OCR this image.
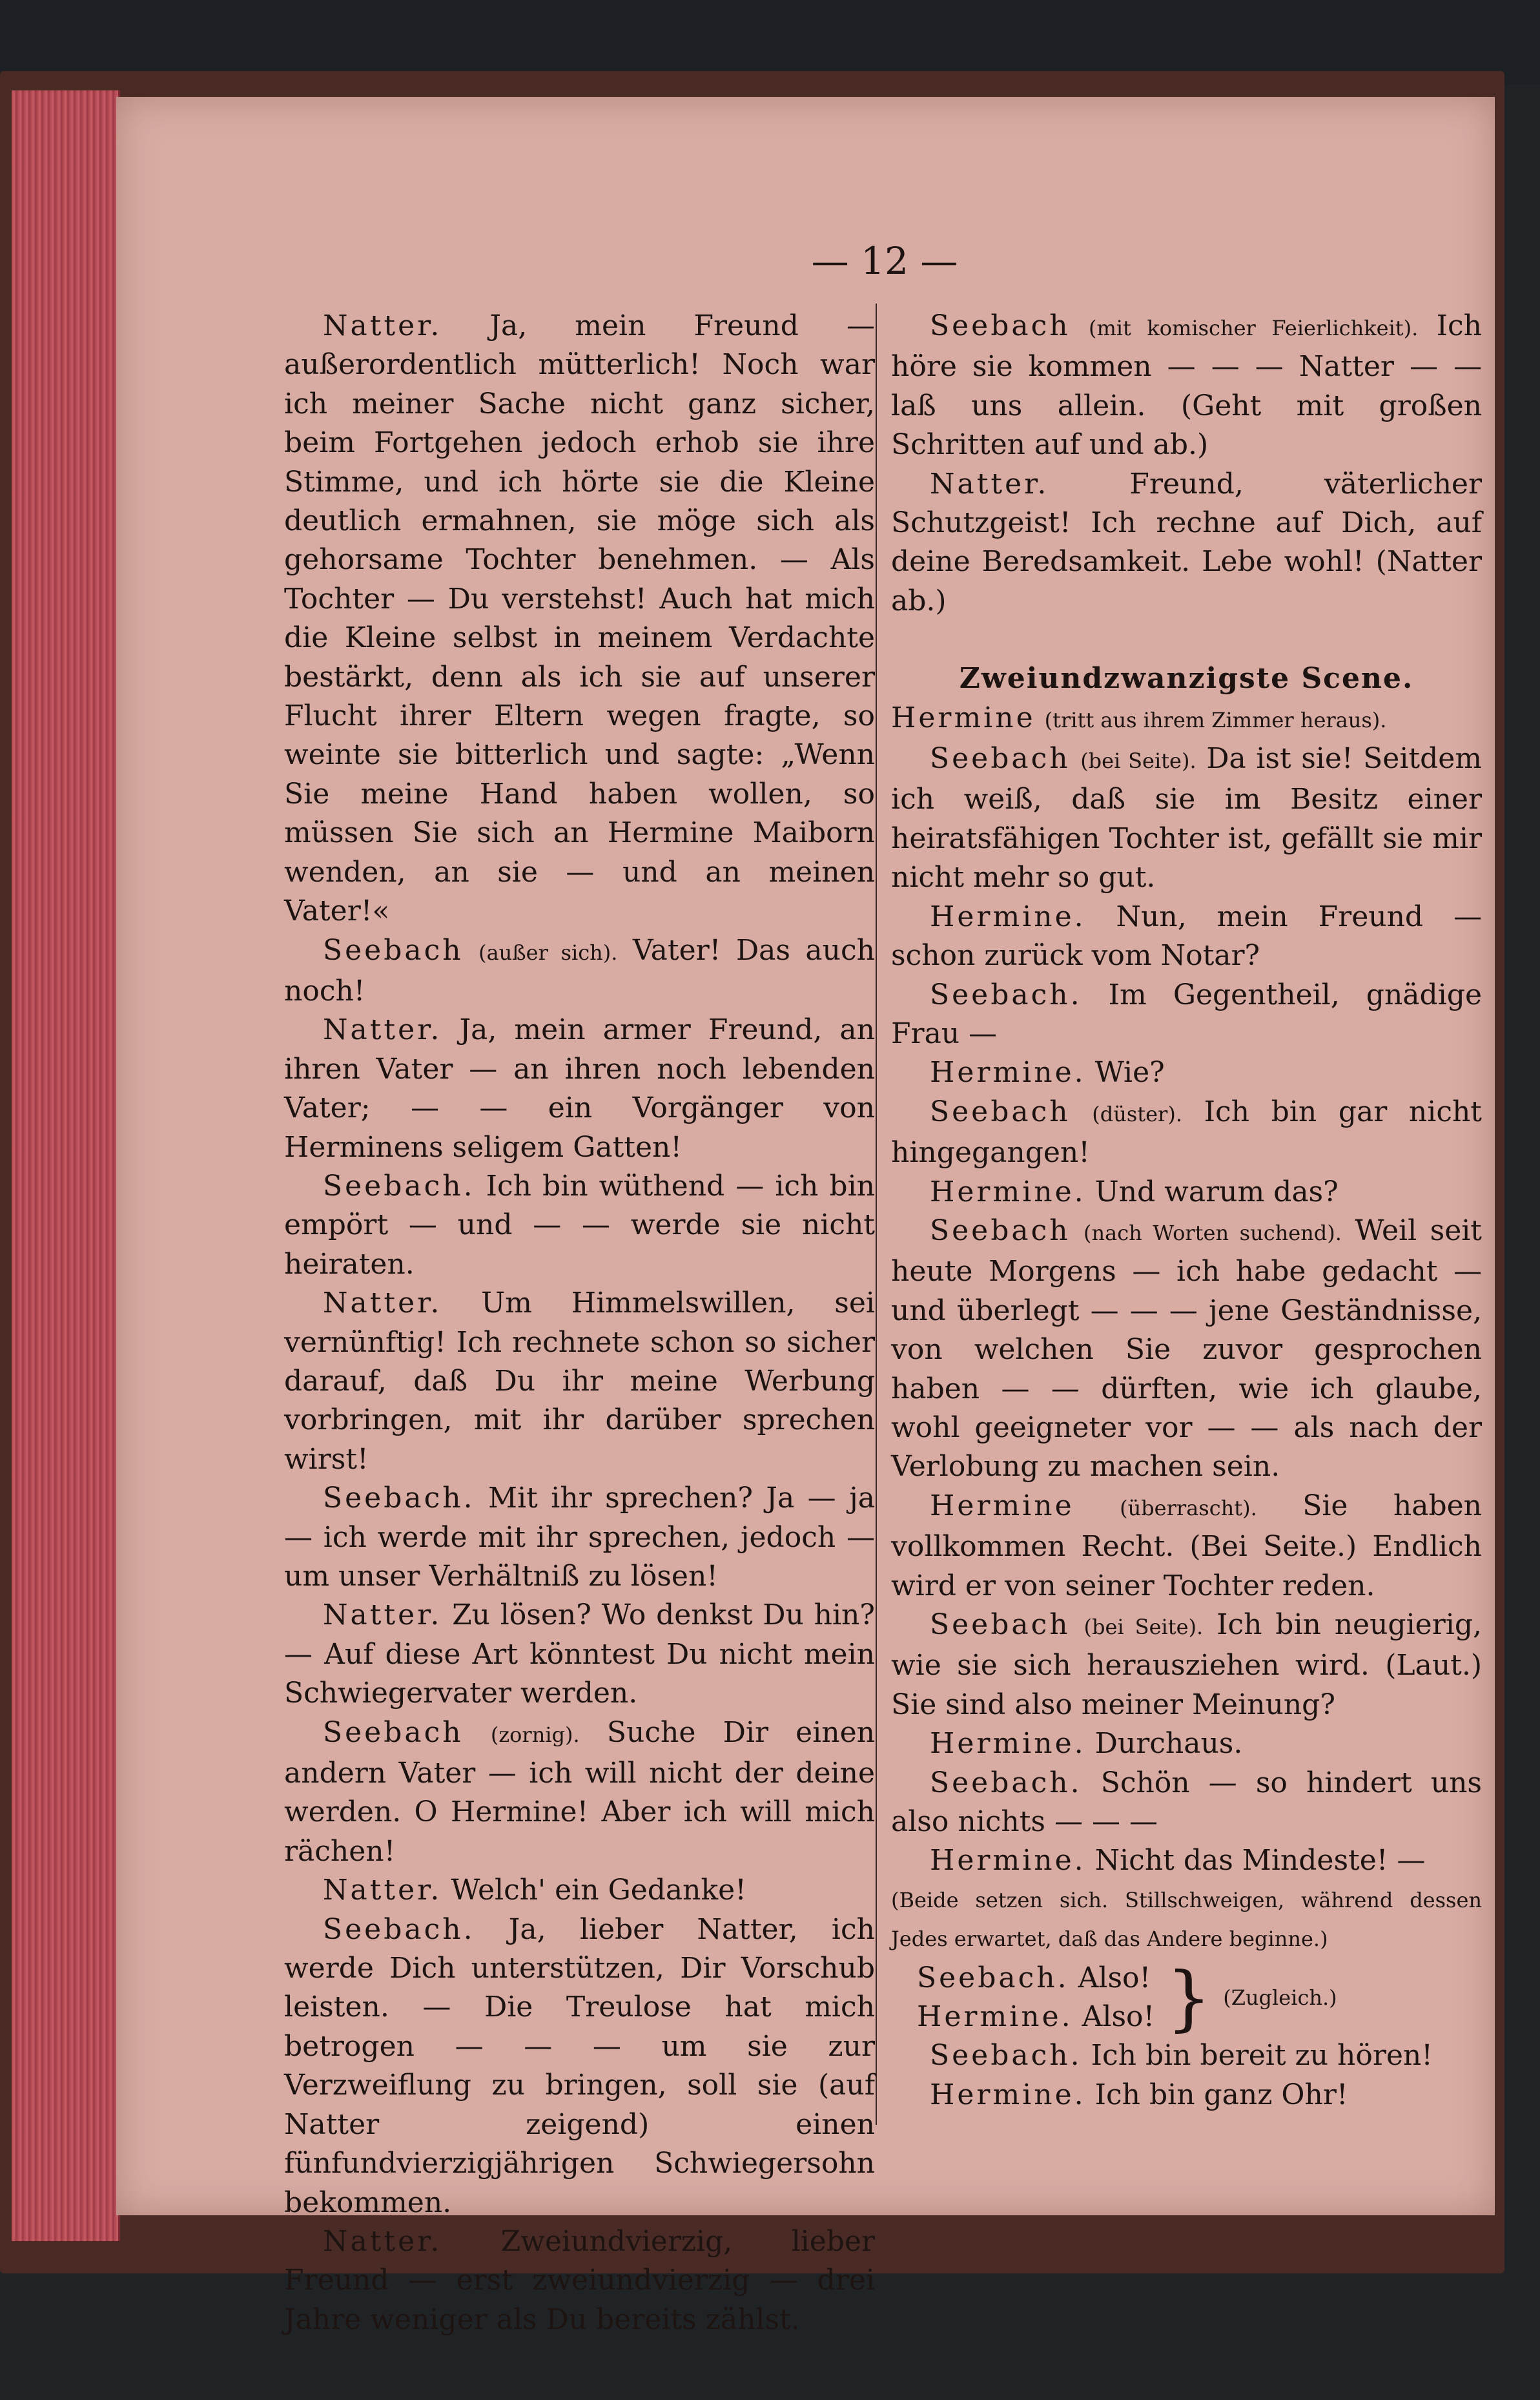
— 12 —

Natter. Ja, mein Freund — außerordentlich mütterlich! Noch war ich meiner Sache nicht ganz sicher, beim Fortgehen jedoch erhob sie ihre Stimme, und ich hörte sie die Kleine deutlich ermahnen, sie möge sich als gehorsame Tochter benehmen. — Als Tochter — Du verstehst! Auch hat mich die Kleine selbst in meinem Verdachte bestärkt, denn als ich sie auf unserer Flucht ihrer Eltern wegen fragte, so weinte sie bitterlich und sagte: „Wenn Sie meine Hand haben wollen, so müssen Sie sich an Hermine Maiborn wenden, an sie — und an meinen Vater!«

Seebach (außer sich). Vater! Das auch noch!

Natter. Ja, mein armer Freund, an ihren Vater — an ihren noch lebenden Vater; — — ein Vorgänger von Herminens seligem Gatten!

Seebach. Ich bin wüthend — ich bin empört — und — — werde sie nicht heiraten.

Natter. Um Himmelswillen, sei vernünftig! Ich rechnete schon so sicher darauf, daß Du ihr meine Werbung vorbringen, mit ihr darüber sprechen wirst!

Seebach. Mit ihr sprechen? Ja — ja — ich werde mit ihr sprechen, jedoch — um unser Verhältniß zu lösen!

Natter. Zu lösen? Wo denkst Du hin? — Auf diese Art könntest Du nicht mein Schwiegervater werden.

Seebach (zornig). Suche Dir einen andern Vater — ich will nicht der deine werden. O Hermine! Aber ich will mich rächen!

Natter. Welch' ein Gedanke!

Seebach. Ja, lieber Natter, ich werde Dich unterstützen, Dir Vorschub leisten. — Die Treulose hat mich betrogen — — — um sie zur Verzweiflung zu bringen, soll sie (auf Natter zeigend) einen fünfundvierzigjährigen Schwiegersohn bekommen.

Natter. Zweiundvierzig, lieber Freund — erst zweiundvierzig — drei Jahre weniger als Du bereits zählst.

Seebach (mit komischer Feierlichkeit). Ich höre sie kommen — — — Natter — — laß uns allein. (Geht mit großen Schritten auf und ab.)

Natter.	Freund, väterlicher Schutzgeist! Ich rechne auf Dich, auf deine Beredsamkeit. Lebe wohl! (Natter ab.)

Zweiundzwanzigste Scene.

Hermine (tritt aus ihrem Zimmer heraus).

Seebach (bei Seite). Da ist sie! Seitdem ich weiß, daß sie im Besitz einer heiratsfähigen Tochter ist, gefällt sie mir nicht mehr so gut.

Hermine. Nun, mein Freund — schon zurück vom Notar?

Seebach. Im Gegentheil, gnädige Frau —

Hermine. Wie?

Seebach (düster). Ich bin gar nicht hingegangen!

Hermine. Und warum das?

Seebach (nach Worten suchend). Weil seit heute Morgens — ich habe gedacht — und überlegt — — — jene Geständnisse, von welchen Sie zuvor gesprochen haben — — dürften, wie ich glaube, wohl geeigneter vor — — als nach der Verlobung zu machen sein.

Hermine (überrascht). Sie haben vollkommen Recht. (Bei Seite.) Endlich wird er von seiner Tochter reden.

Seebach (bei Seite). Ich bin neugierig, wie sie sich herausziehen wird. (Laut.) Sie sind also meiner Meinung?

Hermine. Durchaus.

Seebach. Schön — so hindert uns also nichts — — —

Hermine. Nicht das Mindeste! —

(Beide setzen sich. Stillschweigen, während dessen Jedes erwartet, daß das Andere beginne.)

Seebach. Also!
Hermine. Also! } (Zugleich.)

Seebach. Ich bin bereit zu hören!

Hermine. Ich bin ganz Ohr!
